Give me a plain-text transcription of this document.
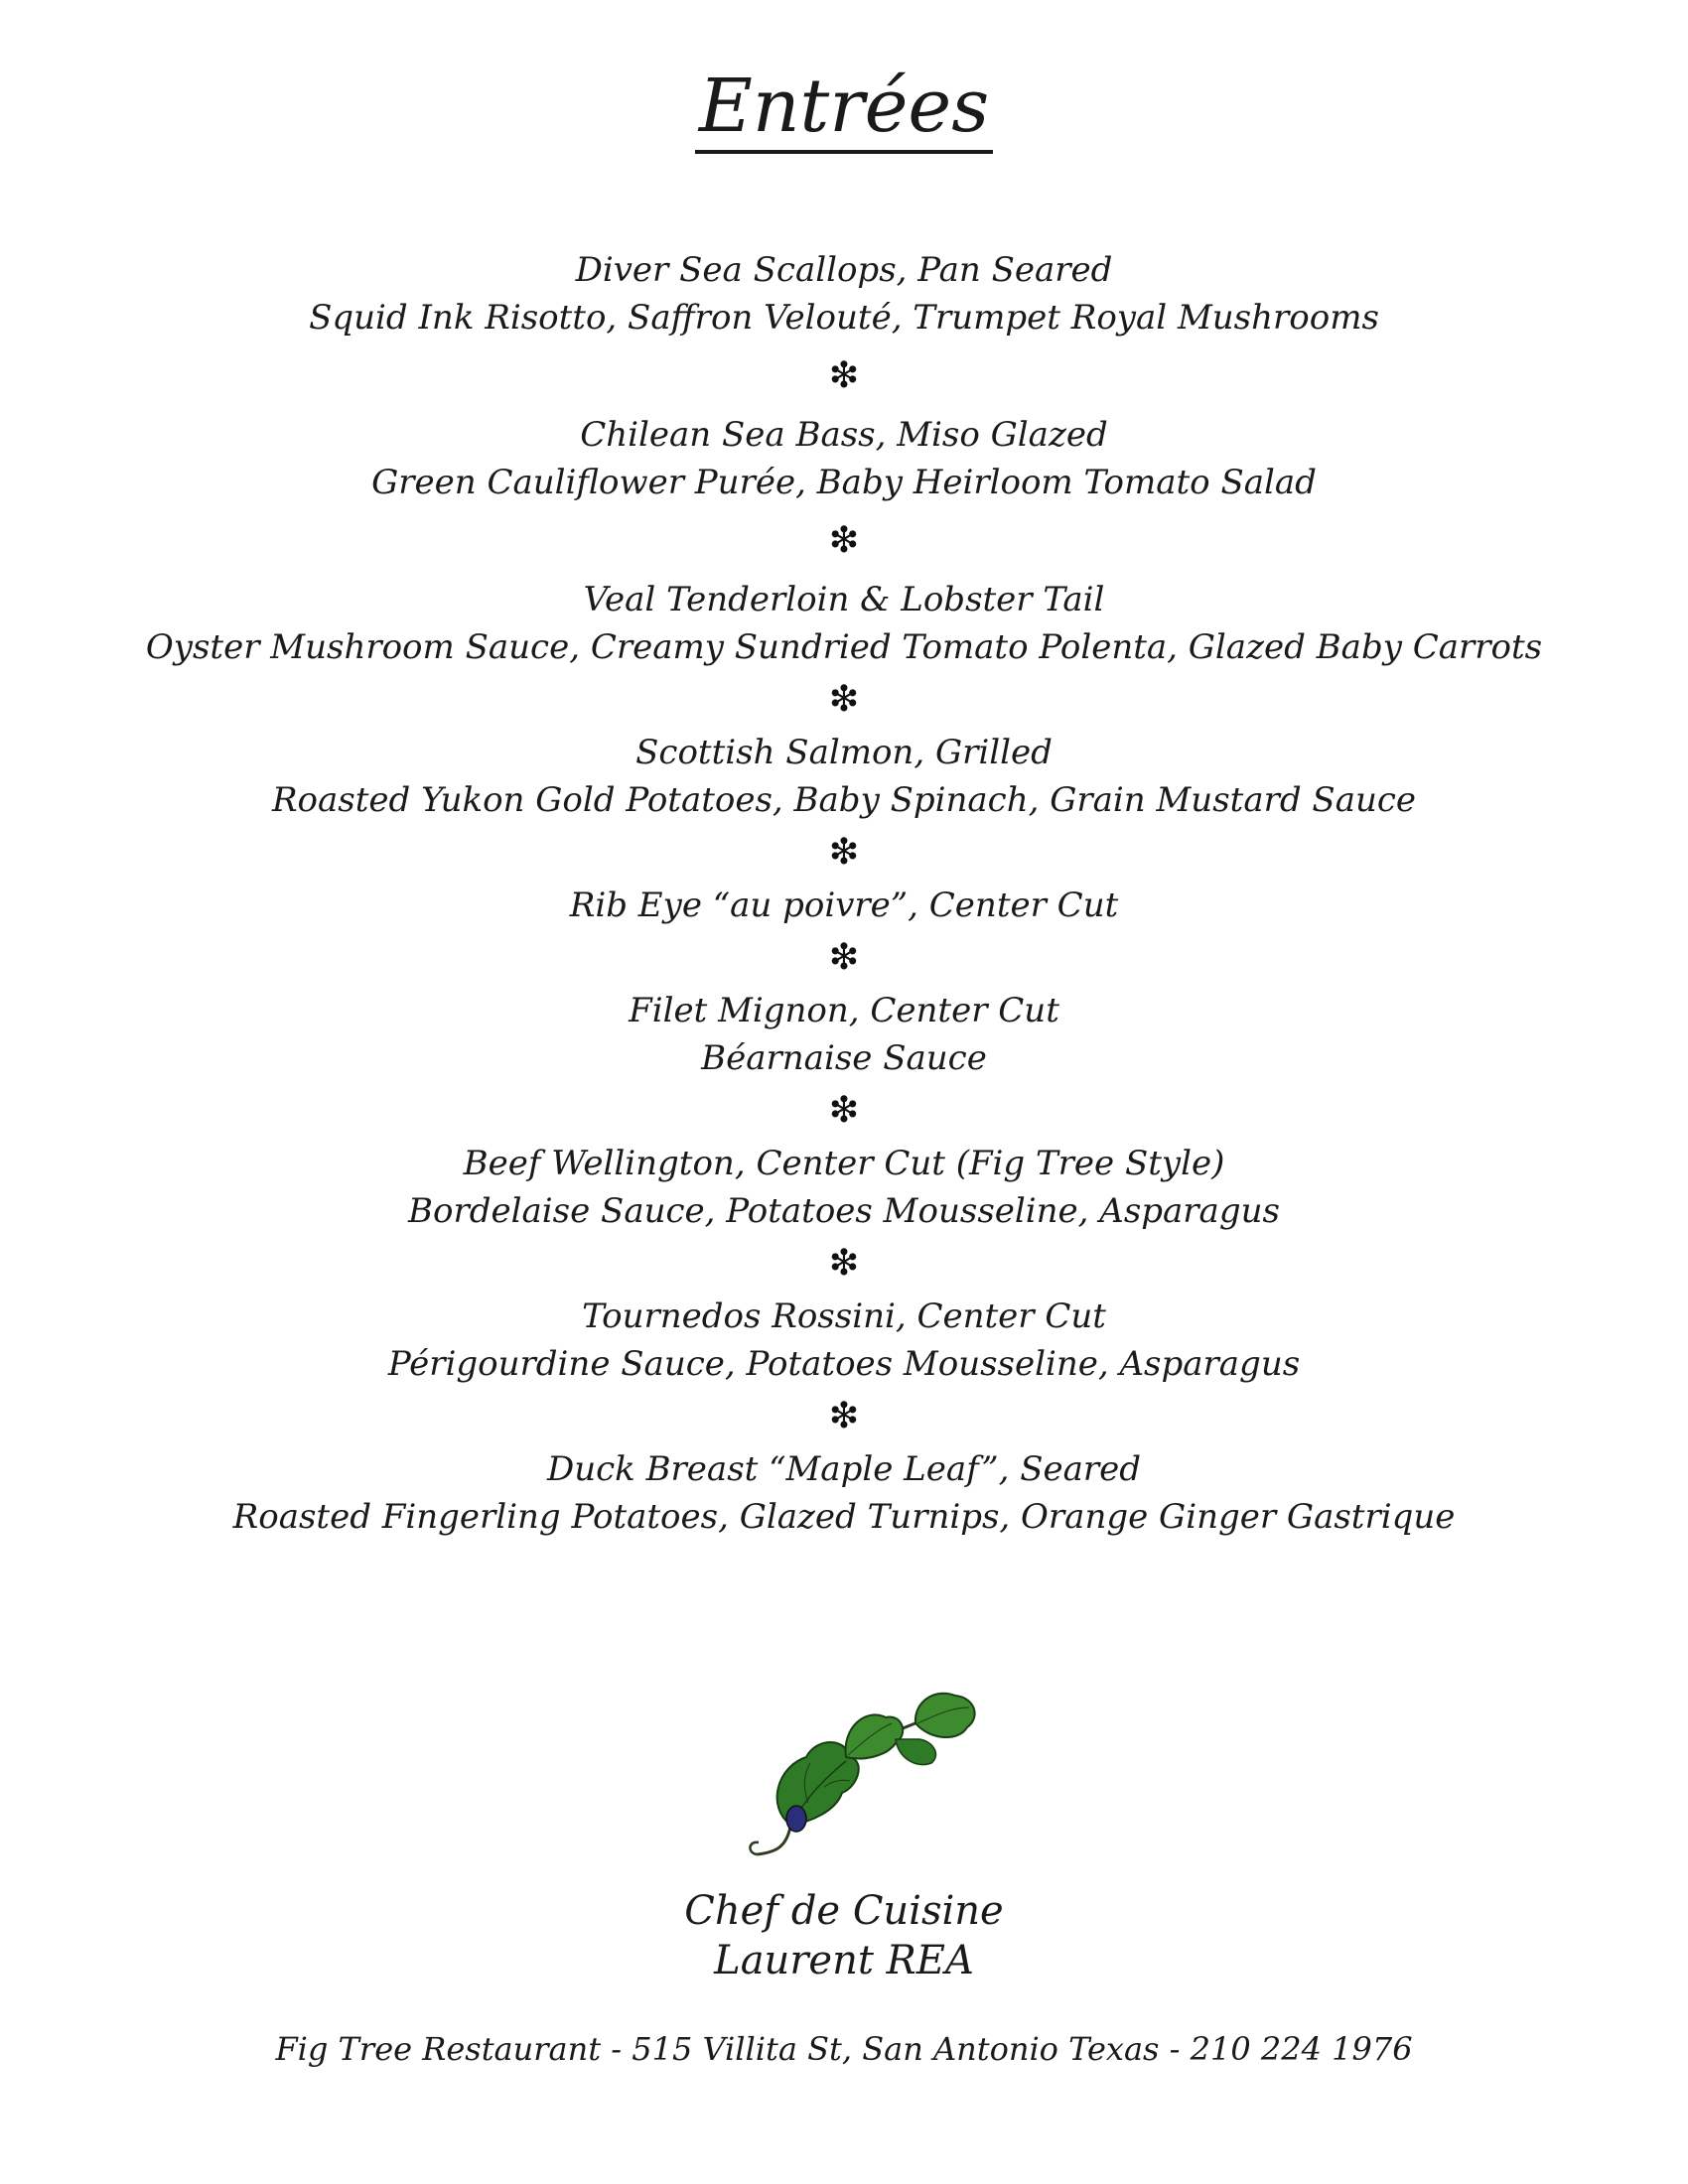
Entrées
Diver Sea Scallops, Pan Seared
Squid Ink Risotto, Saffron Velouté, Trumpet Royal Mushrooms
❇
Chilean Sea Bass, Miso Glazed
Green Cauliflower Purée, Baby Heirloom Tomato Salad
❇
Veal Tenderloin & Lobster Tail
Oyster Mushroom Sauce, Creamy Sundried Tomato Polenta, Glazed Baby Carrots
❇
Scottish Salmon, Grilled
Roasted Yukon Gold Potatoes, Baby Spinach, Grain Mustard Sauce
❇
Rib Eye “au poivre”, Center Cut
❇
Filet Mignon, Center Cut
Béarnaise Sauce
❇
Beef Wellington, Center Cut (Fig Tree Style)
Bordelaise Sauce, Potatoes Mousseline, Asparagus
❇
Tournedos Rossini, Center Cut
Périgourdine Sauce, Potatoes Mousseline, Asparagus
❇
Duck Breast “Maple Leaf”, Seared
Roasted Fingerling Potatoes, Glazed Turnips, Orange Ginger Gastrique
Chef de Cuisine
Laurent REA
Fig Tree Restaurant - 515 Villita St, San Antonio Texas - 210 224 1976
